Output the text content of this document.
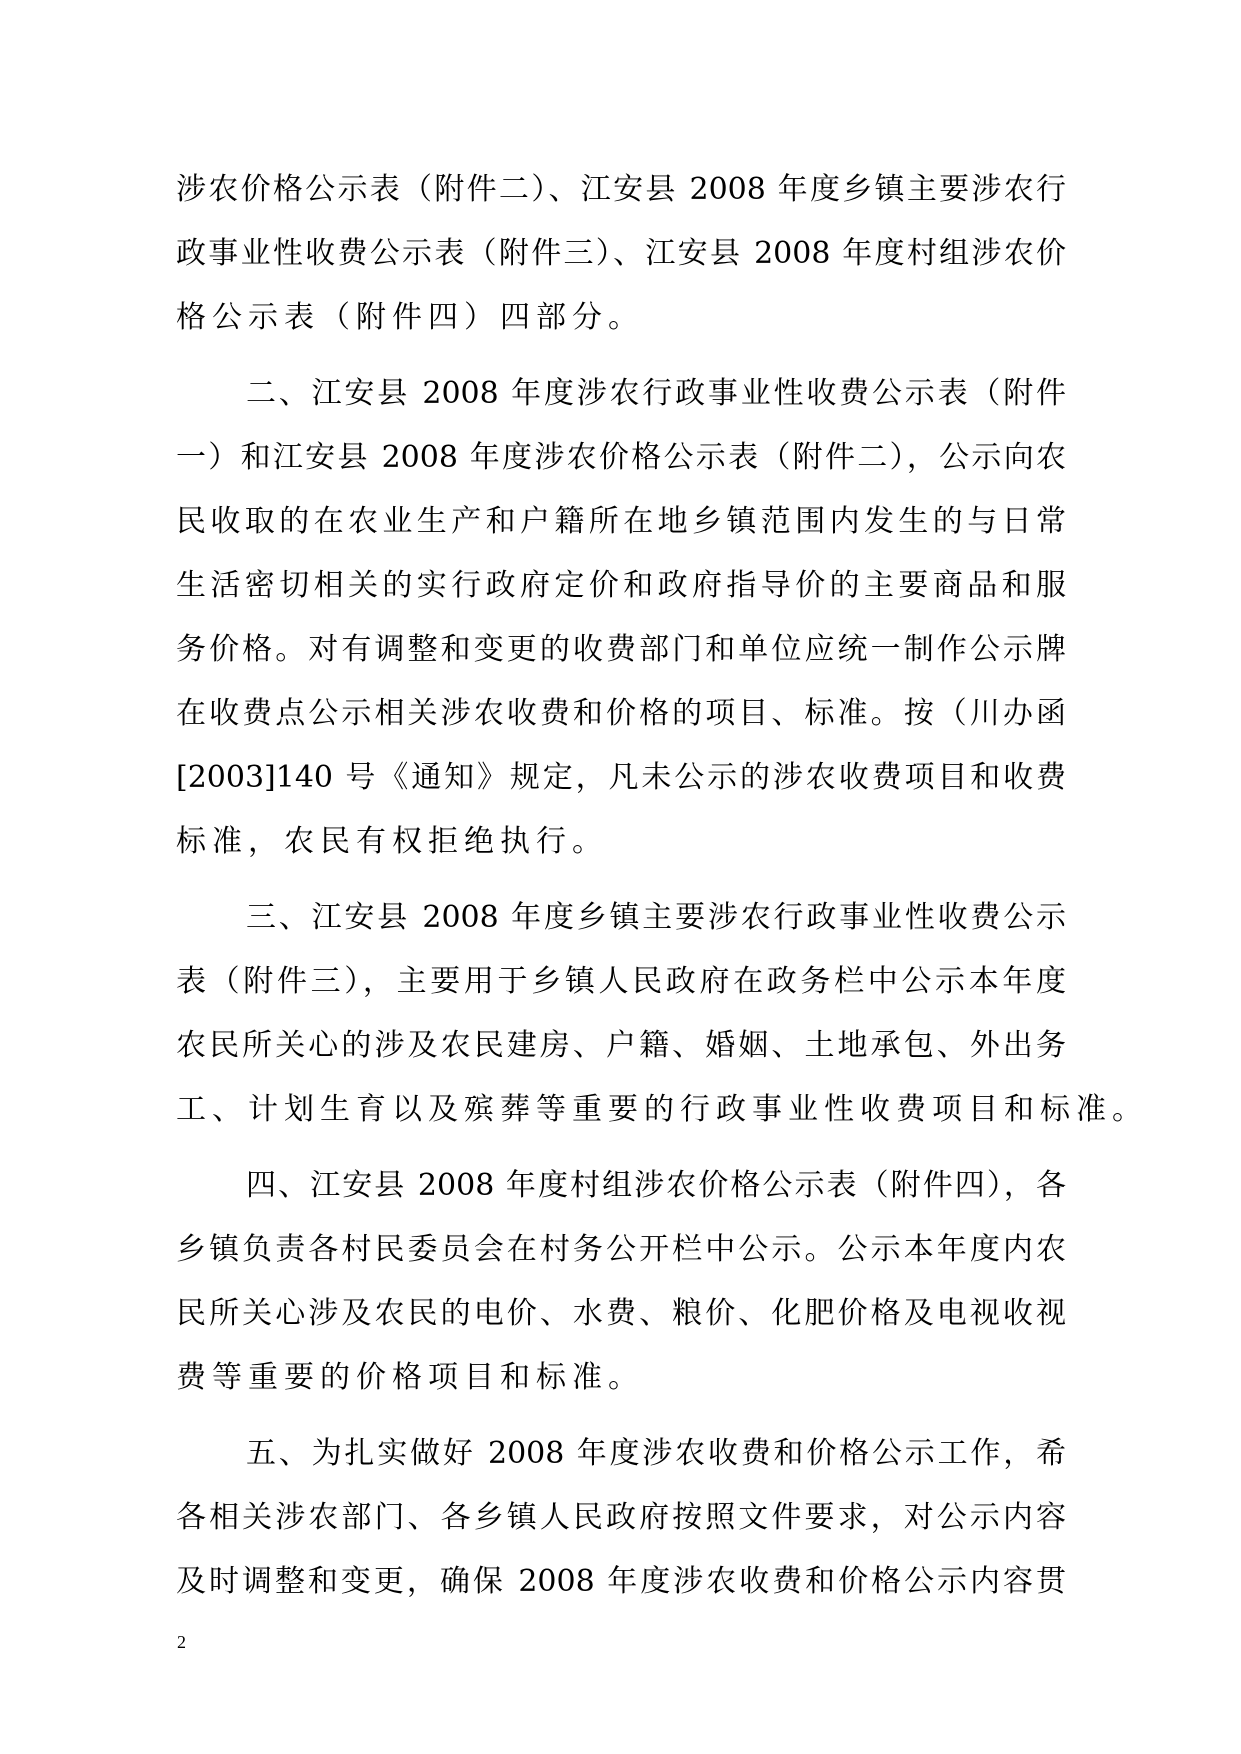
涉农价格公示表（附件二）、江安县 2008 年度乡镇主要涉农行
政事业性收费公示表（附件三）、江安县 2008 年度村组涉农价
格公示表（附件四）四部分。
二、江安县 2008 年度涉农行政事业性收费公示表（附件
一）和江安县 2008 年度涉农价格公示表（附件二），公示向农
民收取的在农业生产和户籍所在地乡镇范围内发生的与日常
生活密切相关的实行政府定价和政府指导价的主要商品和服
务价格。对有调整和变更的收费部门和单位应统一制作公示牌
在收费点公示相关涉农收费和价格的项目、标准。按（川办函
[2003]140 号《通知》规定，凡未公示的涉农收费项目和收费
标准，农民有权拒绝执行。
三、江安县 2008 年度乡镇主要涉农行政事业性收费公示
表（附件三），主要用于乡镇人民政府在政务栏中公示本年度
农民所关心的涉及农民建房、户籍、婚姻、土地承包、外出务
工、计划生育以及殡葬等重要的行政事业性收费项目和标准。
四、江安县 2008 年度村组涉农价格公示表（附件四），各
乡镇负责各村民委员会在村务公开栏中公示。公示本年度内农
民所关心涉及农民的电价、水费、粮价、化肥价格及电视收视
费等重要的价格项目和标准。
五、为扎实做好 2008 年度涉农收费和价格公示工作，希
各相关涉农部门、各乡镇人民政府按照文件要求，对公示内容
及时调整和变更，确保 2008 年度涉农收费和价格公示内容贯
2
